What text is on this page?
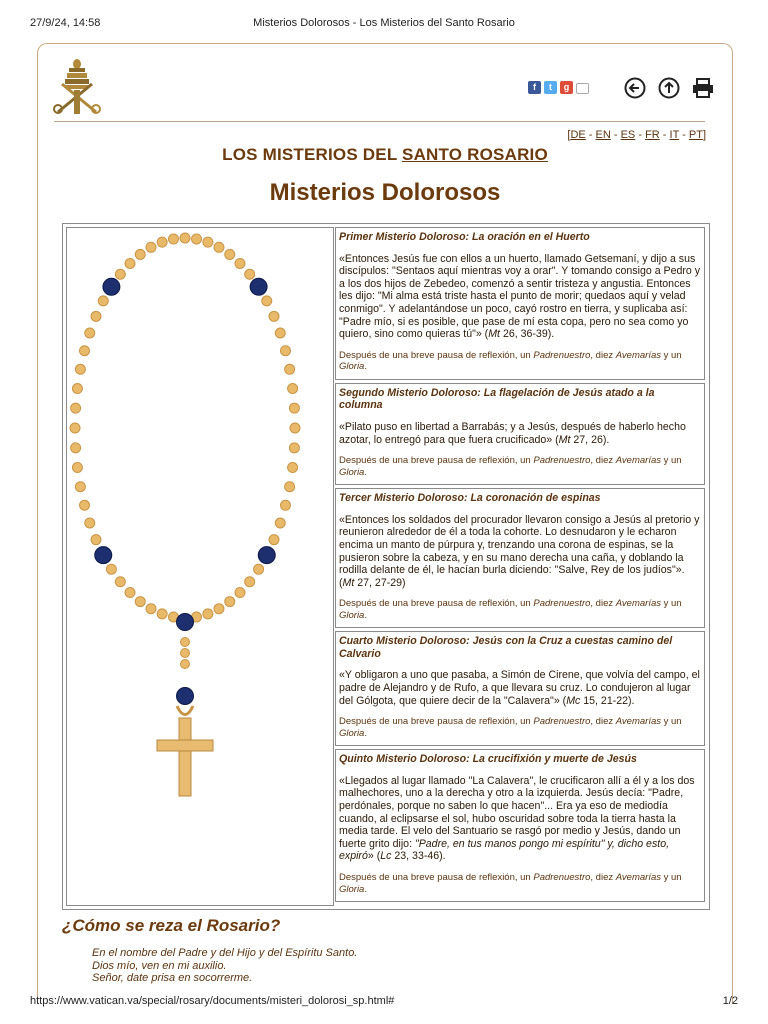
27/9/24, 14:58	Misterios Dolorosos - Los Misterios del Santo Rosario
f	t	g
[DE - EN - ES - FR - IT - PT]
LOS MISTERIOS DEL SANTO ROSARIO
Misterios Dolorosos
Primer Misterio Doloroso: La oración en el Huerto
«Entonces Jesús fue con ellos a un huerto, llamado Getsemaní, y dijo a sus discípulos: "Sentaos aquí mientras voy a orar". Y tomando consigo a Pedro y a los dos hijos de Zebedeo, comenzó a sentir tristeza y angustia. Entonces les dijo: "Mi alma está triste hasta el punto de morir; quedaos aquí y velad conmigo". Y adelantándose un poco, cayó rostro en tierra, y suplicaba así: "Padre mío, si es posible, que pase de mí esta copa, pero no sea como yo quiero, sino como quieras tú"» (Mt 26, 36-39).
Después de una breve pausa de reflexión, un Padrenuestro, diez Avemarías y un Gloria.
Segundo Misterio Doloroso: La flagelación de Jesús atado a la columna
«Pilato puso en libertad a Barrabás; y a Jesús, después de haberlo hecho azotar, lo entregó para que fuera crucificado» (Mt 27, 26).
Después de una breve pausa de reflexión, un Padrenuestro, diez Avemarías y un Gloria.
Tercer Misterio Doloroso: La coronación de espinas
«Entonces los soldados del procurador llevaron consigo a Jesús al pretorio y reunieron alrededor de él a toda la cohorte. Lo desnudaron y le echaron encima un manto de púrpura y, trenzando una corona de espinas, se la pusieron sobre la cabeza, y en su mano derecha una caña, y doblando la rodilla delante de él, le hacían burla diciendo: "Salve, Rey de los judíos"». (Mt 27, 27-29)
Después de una breve pausa de reflexión, un Padrenuestro, diez Avemarías y un Gloria.
Cuarto Misterio Doloroso: Jesús con la Cruz a cuestas camino del Calvario
«Y obligaron a uno que pasaba, a Simón de Cirene, que volvía del campo, el padre de Alejandro y de Rufo, a que llevara su cruz. Lo condujeron al lugar del Gólgota, que quiere decir de la "Calavera"» (Mc 15, 21-22).
Después de una breve pausa de reflexión, un Padrenuestro, diez Avemarías y un Gloria.
Quinto Misterio Doloroso: La crucifixión y muerte de Jesús
«Llegados al lugar llamado "La Calavera", le crucificaron allí a él y a los dos malhechores, uno a la derecha y otro a la izquierda. Jesús decía: "Padre, perdónales, porque no saben lo que hacen"... Era ya eso de mediodía cuando, al eclipsarse el sol, hubo oscuridad sobre toda la tierra hasta la media tarde. El velo del Santuario se rasgó por medio y Jesús, dando un fuerte grito dijo: "Padre, en tus manos pongo mi espíritu" y, dicho esto, expiró» (Lc 23, 33-46).
Después de una breve pausa de reflexión, un Padrenuestro, diez Avemarías y un Gloria.
¿Cómo se reza el Rosario?
En el nombre del Padre y del Hijo y del Espíritu Santo.
Dios mío, ven en mi auxilio.
Señor, date prisa en socorrerme.
https://www.vatican.va/special/rosary/documents/misteri_dolorosi_sp.html#	1/2
